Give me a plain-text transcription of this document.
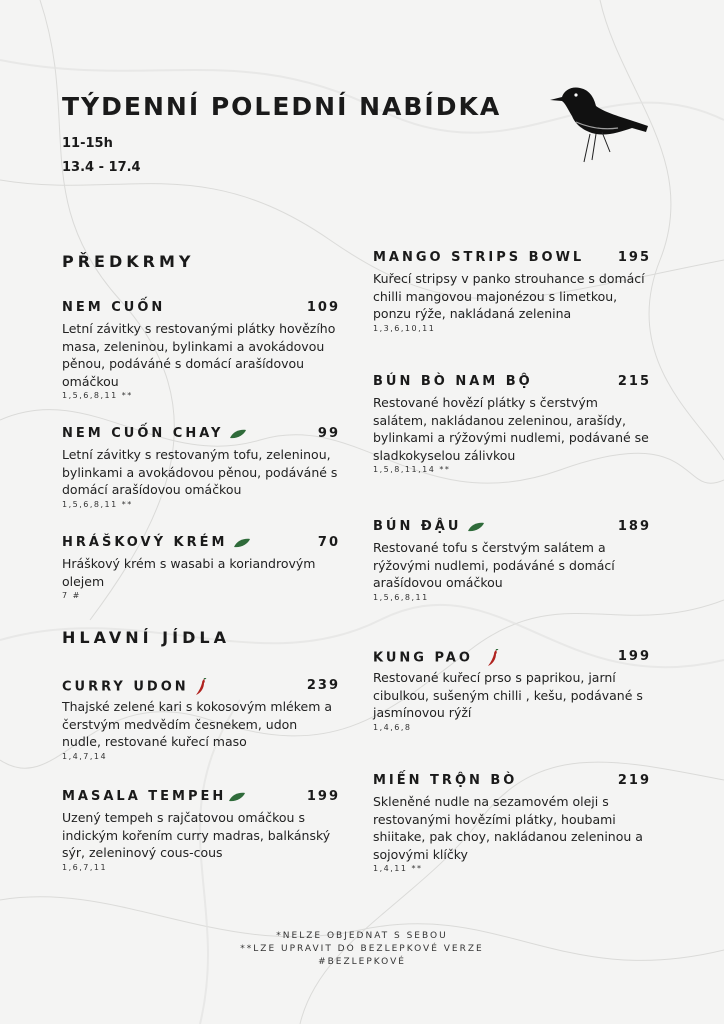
TÝDENNÍ POLEDNÍ NABÍDKA
11-15h
13.4 - 17.4
PŘEDKRMY
HLAVNÍ JÍDLA
NEM CUỐN	109
Letní závitky s restovanými plátky hovězího masa, zeleninou, bylinkami a avokádovou pěnou, podáváné s domácí arašídovou omáčkou
1,5,6,8,11 **
NEM CUỐN CHAY	99
Letní závitky s restovaným tofu, zeleninou, bylinkami a avokádovou pěnou, podáváné s domácí arašídovou omáčkou
1,5,6,8,11 **
HRÁŠKOVÝ KRÉM	70
Hráškový krém s wasabi a koriandrovým olejem
7 #
CURRY UDON	239
Thajské zelené kari s kokosovým mlékem a čerstvým medvědím česnekem, udon nudle, restované kuřecí maso
1,4,7,14
MASALA TEMPEH	199
Uzený tempeh s rajčatovou omáčkou s indickým kořením curry madras, balkánský sýr, zeleninový cous-cous
1,6,7,11
MANGO STRIPS BOWL	195
Kuřecí stripsy v panko strouhance s domácí chilli mangovou majonézou s limetkou, ponzu rýže, nakládaná zelenina
1,3,6,10,11
BÚN BÒ NAM BỘ	215
Restované hovězí plátky s čerstvým salátem, nakládanou zeleninou, arašídy, bylinkami a rýžovými nudlemi, podávané se sladkokyselou zálivkou
1,5,8,11,14 **
BÚN ĐẬU	189
Restované tofu s čerstvým salátem a rýžovými nudlemi, podáváné s domácí arašídovou omáčkou
1,5,6,8,11
KUNG PAO	199
Restované kuřecí prso s paprikou, jarní cibulkou, sušeným chilli , kešu, podávané s jasmínovou rýží
1,4,6,8
MIẾN TRỘN BÒ	219
Skleněné nudle na sezamovém oleji s restovanými hovězími plátky, houbami shiitake, pak choy, nakládanou zeleninou a sojovými klíčky
1,4,11 **
*NELZE OBJEDNAT S SEBOU
**LZE UPRAVIT DO BEZLEPKOVÉ VERZE
#BEZLEPKOVÉ
